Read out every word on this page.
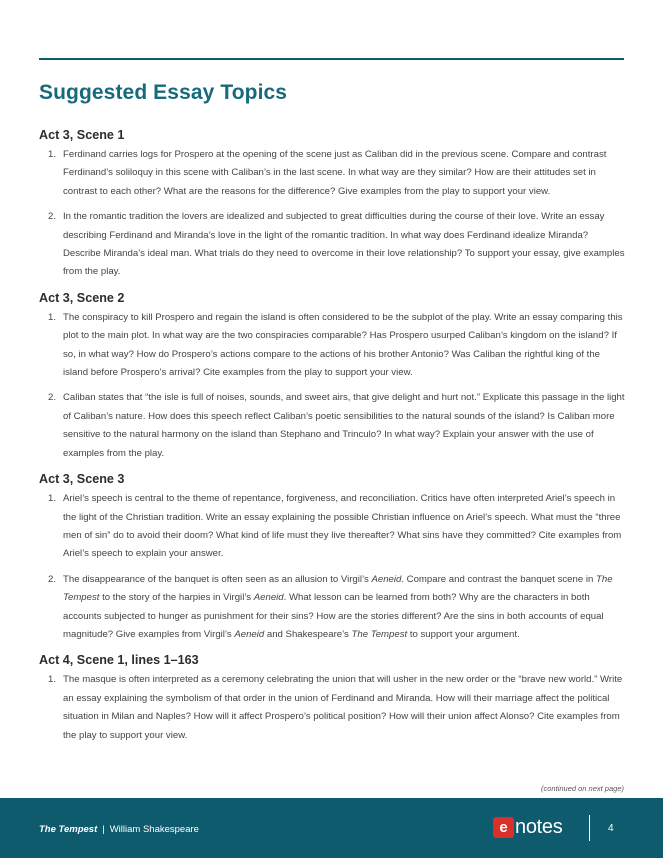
Suggested Essay Topics
Act 3, Scene 1
1. Ferdinand carries logs for Prospero at the opening of the scene just as Caliban did in the previous scene. Compare and contrast Ferdinand’s soliloquy in this scene with Caliban’s in the last scene. In what way are they similar? How are their attitudes set in contrast to each other? What are the reasons for the difference? Give examples from the play to support your view.
2. In the romantic tradition the lovers are idealized and subjected to great difficulties during the course of their love. Write an essay describing Ferdinand and Miranda’s love in the light of the romantic tradition. In what way does Ferdinand idealize Miranda? Describe Miranda’s ideal man. What trials do they need to overcome in their love relationship? To support your essay, give examples from the play.
Act 3, Scene 2
1. The conspiracy to kill Prospero and regain the island is often considered to be the subplot of the play. Write an essay comparing this plot to the main plot. In what way are the two conspiracies comparable? Has Prospero usurped Caliban’s kingdom on the island? If so, in what way? How do Prospero’s actions compare to the actions of his brother Antonio? Was Caliban the rightful king of the island before Prospero’s arrival? Cite examples from the play to support your view.
2. Caliban states that “the isle is full of noises, sounds, and sweet airs, that give delight and hurt not.” Explicate this passage in the light of Caliban’s nature. How does this speech reflect Caliban’s poetic sensibilities to the natural sounds of the island? Is Caliban more sensitive to the natural harmony on the island than Stephano and Trinculo? In what way? Explain your answer with the use of examples from the play.
Act 3, Scene 3
1. Ariel’s speech is central to the theme of repentance, forgiveness, and reconciliation. Critics have often interpreted Ariel’s speech in the light of the Christian tradition. Write an essay explaining the possible Christian influence on Ariel’s speech. What must the “three men of sin” do to avoid their doom? What kind of life must they live thereafter? What sins have they committed? Cite examples from Ariel’s speech to explain your answer.
2. The disappearance of the banquet is often seen as an allusion to Virgil’s Aeneid. Compare and contrast the banquet scene in The Tempest to the story of the harpies in Virgil’s Aeneid. What lesson can be learned from both? Why are the characters in both accounts subjected to hunger as punishment for their sins? How are the stories different? Are the sins in both accounts of equal magnitude? Give examples from Virgil’s Aeneid and Shakespeare’s The Tempest to support your argument.
Act 4, Scene 1, lines 1–163
1. The masque is often interpreted as a ceremony celebrating the union that will usher in the new order or the “brave new world.” Write an essay explaining the symbolism of that order in the union of Ferdinand and Miranda. How will their marriage affect the political situation in Milan and Naples? How will it affect Prospero’s political position? How will their union affect Alonso? Cite examples from the play to support your view.
(continued on next page)
The Tempest | William Shakespeare	e notes	4
